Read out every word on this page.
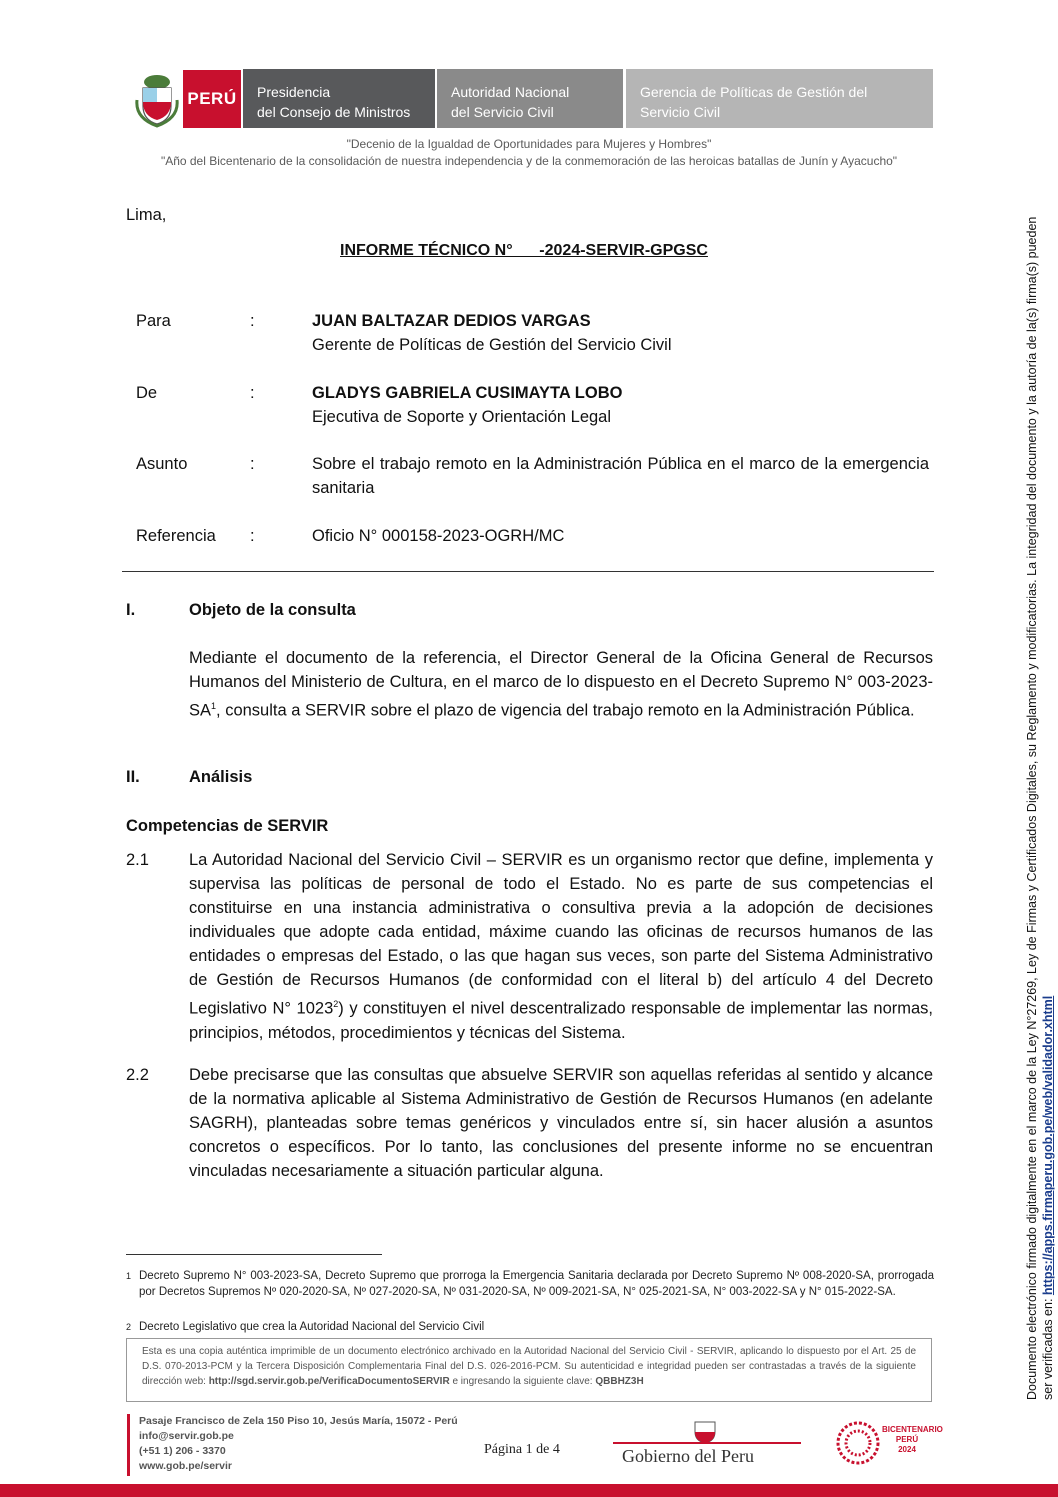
PERÚ	Presidencia
del Consejo de Ministros
Autoridad Nacional
del Servicio Civil
Gerencia de Políticas de Gestión del
Servicio Civil
"Decenio de la Igualdad de Oportunidades para Mujeres y Hombres"
"Año del Bicentenario de la consolidación de nuestra independencia y de la conmemoración de las heroicas batallas de Junín y Ayacucho"
Lima,
INFORME TÉCNICO N°      -2024-SERVIR-GPGSC
Para	:	JUAN BALTAZAR DEDIOS VARGAS
Gerente de Políticas de Gestión del Servicio Civil
De	:	GLADYS GABRIELA CUSIMAYTA LOBO
Ejecutiva de Soporte y Orientación Legal
Asunto	:	Sobre el trabajo remoto en la Administración Pública en el marco de la emergencia sanitaria
Referencia :	Oficio N° 000158-2023-OGRH/MC
I.	Objeto de la consulta
Mediante el documento de la referencia, el Director General de la Oficina General de Recursos Humanos del Ministerio de Cultura, en el marco de lo dispuesto en el Decreto Supremo N° $003-2023-SA^1$, consulta a SERVIR sobre el plazo de vigencia del trabajo remoto en la Administración Pública.
II.	Análisis
Competencias de SERVIR
2.1 La Autoridad Nacional del Servicio Civil – SERVIR es un organismo rector que define, implementa y supervisa las políticas de personal de todo el Estado. No es parte de sus competencias el constituirse en una instancia administrativa o consultiva previa a la adopción de decisiones individuales que adopte cada entidad, máxime cuando las oficinas de recursos humanos de las entidades o empresas del Estado, o las que hagan sus veces, son parte del Sistema Administrativo de Gestión de Recursos Humanos (de conformidad con el literal b) del artículo 4 del Decreto Legislativo N° 1023$^2$) y constituyen el nivel descentralizado responsable de implementar las normas, principios, métodos, procedimientos y técnicas del Sistema.
2.2 Debe precisarse que las consultas que absuelve SERVIR son aquellas referidas al sentido y alcance de la normativa aplicable al Sistema Administrativo de Gestión de Recursos Humanos (en adelante SAGRH), planteadas sobre temas genéricos y vinculados entre sí, sin hacer alusión a asuntos concretos o específicos. Por lo tanto, las conclusiones del presente informe no se encuentran vinculadas necesariamente a situación particular alguna.
1 Decreto Supremo N° 003-2023-SA, Decreto Supremo que prorroga la Emergencia Sanitaria declarada por Decreto Supremo Nº 008-2020-SA, prorrogada por Decretos Supremos Nº 020-2020-SA, Nº 027-2020-SA, Nº 031-2020-SA, Nº 009-2021-SA, N° 025-2021-SA, N° 003-2022-SA y N° 015-2022-SA.
2 Decreto Legislativo que crea la Autoridad Nacional del Servicio Civil
Esta es una copia auténtica imprimible de un documento electrónico archivado en la Autoridad Nacional del Servicio Civil - SERVIR, aplicando lo dispuesto por el Art. 25 de D.S. 070-2013-PCM y la Tercera Disposición Complementaria Final del D.S. 026-2016-PCM. Su autenticidad e integridad pueden ser contrastadas a través de la siguiente dirección web: http://sgd.servir.gob.pe/VerificaDocumentoSERVIR e ingresando la siguiente clave: QBBHZ3H
Pasaje Francisco de Zela 150 Piso 10, Jesús María, 15072 - Perú
info@servir.gob.pe
(+51 1) 206 - 3370
www.gob.pe/servir
Página 1 de 4	Gobierno del Peru
BICENTENARIO
PERÚ
2024
Documento electrónico firmado digitalmente en el marco de la Ley N°27269, Ley de Firmas y Certificados Digitales, su Reglamento y modificatorias. La integridad del documento y la autoría de la(s) firma(s) pueden ser verificadas en: https://apps.firmaperu.gob.pe/web/validador.xhtml
